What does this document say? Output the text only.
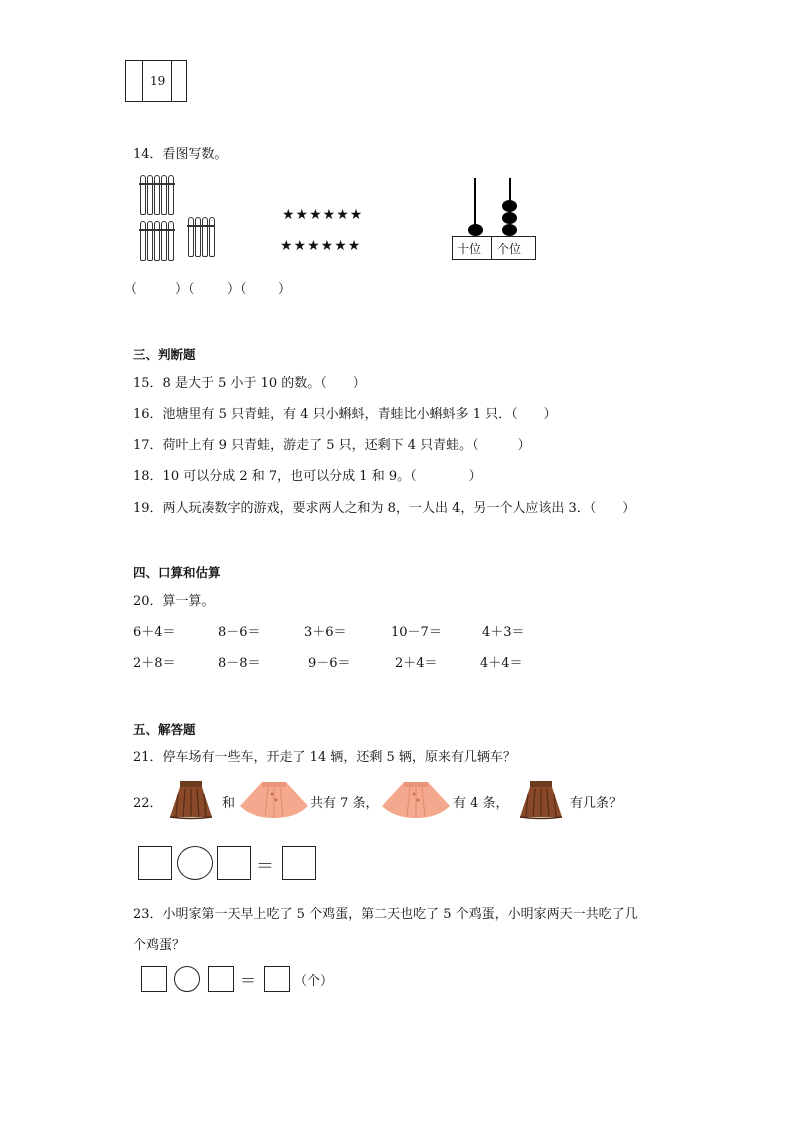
19
14．看图写数。
★★★★★★
★★★★★★	十位 个位
（	）（ ）（ ）
三、判断题
15．8 是大于 5 小于 10 的数。（　　）
16．池塘里有 5 只青蛙，有 4 只小蝌蚪，青蛙比小蝌蚪多 1 只．（　　）
17．荷叶上有 9 只青蛙，游走了 5 只，还剩下 4 只青蛙。（　　　）
18．10 可以分成 2 和 7，也可以分成 1 和 9。（　　　　）
19．两人玩凑数字的游戏，要求两人之和为 8，一人出 4，另一个人应该出 3．（　　）
四、口算和估算
20．算一算。
6＋4＝	8－6＝	3＋6＝	10－7＝	4＋3＝
2＋8＝	8－8＝	9－6＝	2＋4＝	4＋4＝
五、解答题
21．停车场有一些车，开走了 14 辆，还剩 5 辆，原来有几辆车？
22．	和	共有 7 条，	有 4 条，	有几条？
＝
23．小明家第一天早上吃了 5 个鸡蛋，第二天也吃了 5 个鸡蛋，小明家两天一共吃了几
个鸡蛋？
＝	（个）
